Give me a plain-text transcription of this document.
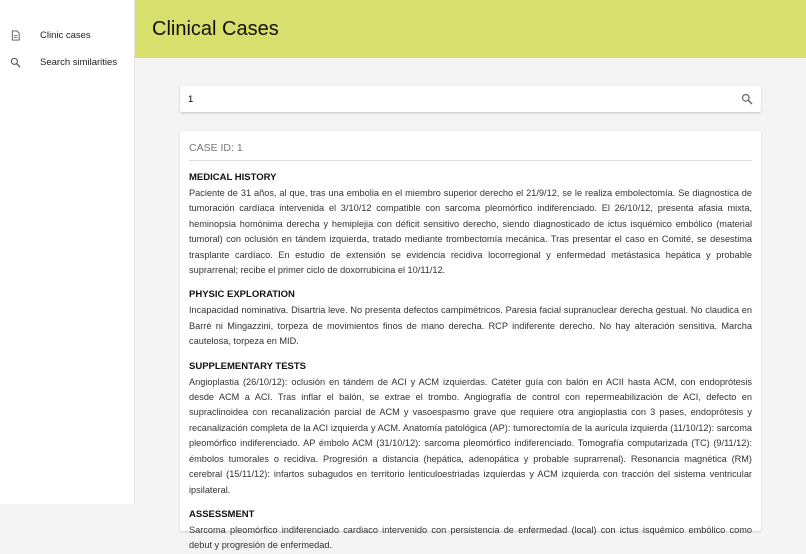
Clinic cases
Search similarities
Clinical Cases
1
CASE ID: 1
MEDICAL HISTORY

Paciente de 31 años, al que, tras una embolia en el miembro superior derecho el 21/9/12, se le realiza embolectomía. Se diagnostica de tumoración cardíaca intervenida el 3/10/12 compatible con sarcoma pleomórfico indiferenciado. El 26/10/12, presenta afasia mixta, heminopsia homónima derecha y hemiplejia con déficit sensitivo derecho, siendo diagnosticado de ictus isquémico embólico (material tumoral) con oclusión en tándem izquierda, tratado mediante trombectomía mecánica. Tras presentar el caso en Comité, se desestima trasplante cardíaco. En estudio de extensión se evidencia recidiva locorregional y enfermedad metástasica hepática y probable suprarrenal; recibe el primer ciclo de doxorrubicina el 10/11/12.

PHYSIC EXPLORATION

Incapacidad nominativa. Disartria leve. No presenta defectos campimétricos. Paresia facial supranuclear derecha gestual. No claudica en Barré ni Mingazzini, torpeza de movimientos finos de mano derecha. RCP indiferente derecho. No hay alteración sensitiva. Marcha cautelosa, torpeza en MID.

SUPPLEMENTARY TESTS

Angioplastia (26/10/12): oclusión en tándem de ACI y ACM izquierdas. Catéter guía con balón en ACII hasta ACM, con endoprótesis desde ACM a ACI. Tras inflar el balón, se extrae el trombo. Angiografía de control con repermeabilización de ACI, defecto en supraclinoidea con recanalización parcial de ACM y vasoespasmo grave que requiere otra angioplastia con 3 pases, endoprótesis y recanalización completa de la ACI izquierda y ACM. Anatomía patológica (AP): tumorectomía de la aurícula izquierda (11/10/12): sarcoma pleomórfico indiferenciado. AP émbolo ACM (31/10/12): sarcoma pleomórfico indiferenciado. Tomografía computarizada (TC) (9/11/12): émbolos tumorales o recidiva. Progresión a distancia (hepática, adenopática y probable suprarrenal). Resonancia magnética (RM) cerebral (15/11/12): infartos subagudos en territorio lenticuloestriadas izquierdas y ACM izquierda con tracción del sistema ventricular ipsilateral.

ASSESSMENT

Sarcoma pleomórfico indiferenciado cardiaco intervenido con persistencia de enfermedad (local) con ictus isquémico embólico como debut y progresión de enfermedad.
